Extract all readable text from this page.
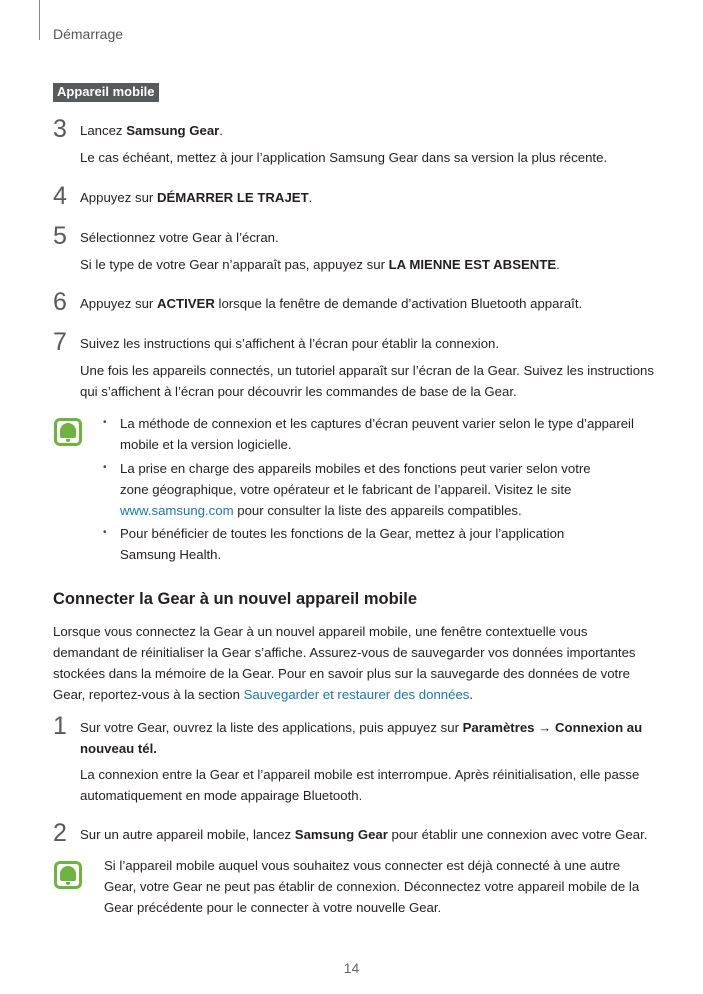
Démarrage
Appareil mobile
3 Lancez Samsung Gear.
Le cas échéant, mettez à jour l’application Samsung Gear dans sa version la plus récente.
4 Appuyez sur DÉMARRER LE TRAJET.
5 Sélectionnez votre Gear à l’écran.
Si le type de votre Gear n’apparaît pas, appuyez sur LA MIENNE EST ABSENTE.
6 Appuyez sur ACTIVER lorsque la fenêtre de demande d’activation Bluetooth apparaît.
7 Suivez les instructions qui s’affichent à l’écran pour établir la connexion.
Une fois les appareils connectés, un tutoriel apparaît sur l’écran de la Gear. Suivez les instructions
qui s’affichent à l’écran pour découvrir les commandes de base de la Gear.
• La méthode de connexion et les captures d’écran peuvent varier selon le type d’appareil
mobile et la version logicielle.
• La prise en charge des appareils mobiles et des fonctions peut varier selon votre
zone géographique, votre opérateur et le fabricant de l’appareil. Visitez le site
www.samsung.com pour consulter la liste des appareils compatibles.
• Pour bénéficier de toutes les fonctions de la Gear, mettez à jour l’application
Samsung Health.
Connecter la Gear à un nouvel appareil mobile
Lorsque vous connectez la Gear à un nouvel appareil mobile, une fenêtre contextuelle vous
demandant de réinitialiser la Gear s’affiche. Assurez-vous de sauvegarder vos données importantes
stockées dans la mémoire de la Gear. Pour en savoir plus sur la sauvegarde des données de votre
Gear, reportez-vous à la section Sauvegarder et restaurer des données.
1 Sur votre Gear, ouvrez la liste des applications, puis appuyez sur Paramètres → Connexion au
nouveau tél.
La connexion entre la Gear et l’appareil mobile est interrompue. Après réinitialisation, elle passe
automatiquement en mode appairage Bluetooth.
2 Sur un autre appareil mobile, lancez Samsung Gear pour établir une connexion avec votre Gear.
Si l’appareil mobile auquel vous souhaitez vous connecter est déjà connecté à une autre
Gear, votre Gear ne peut pas établir de connexion. Déconnectez votre appareil mobile de la
Gear précédente pour le connecter à votre nouvelle Gear.
14
